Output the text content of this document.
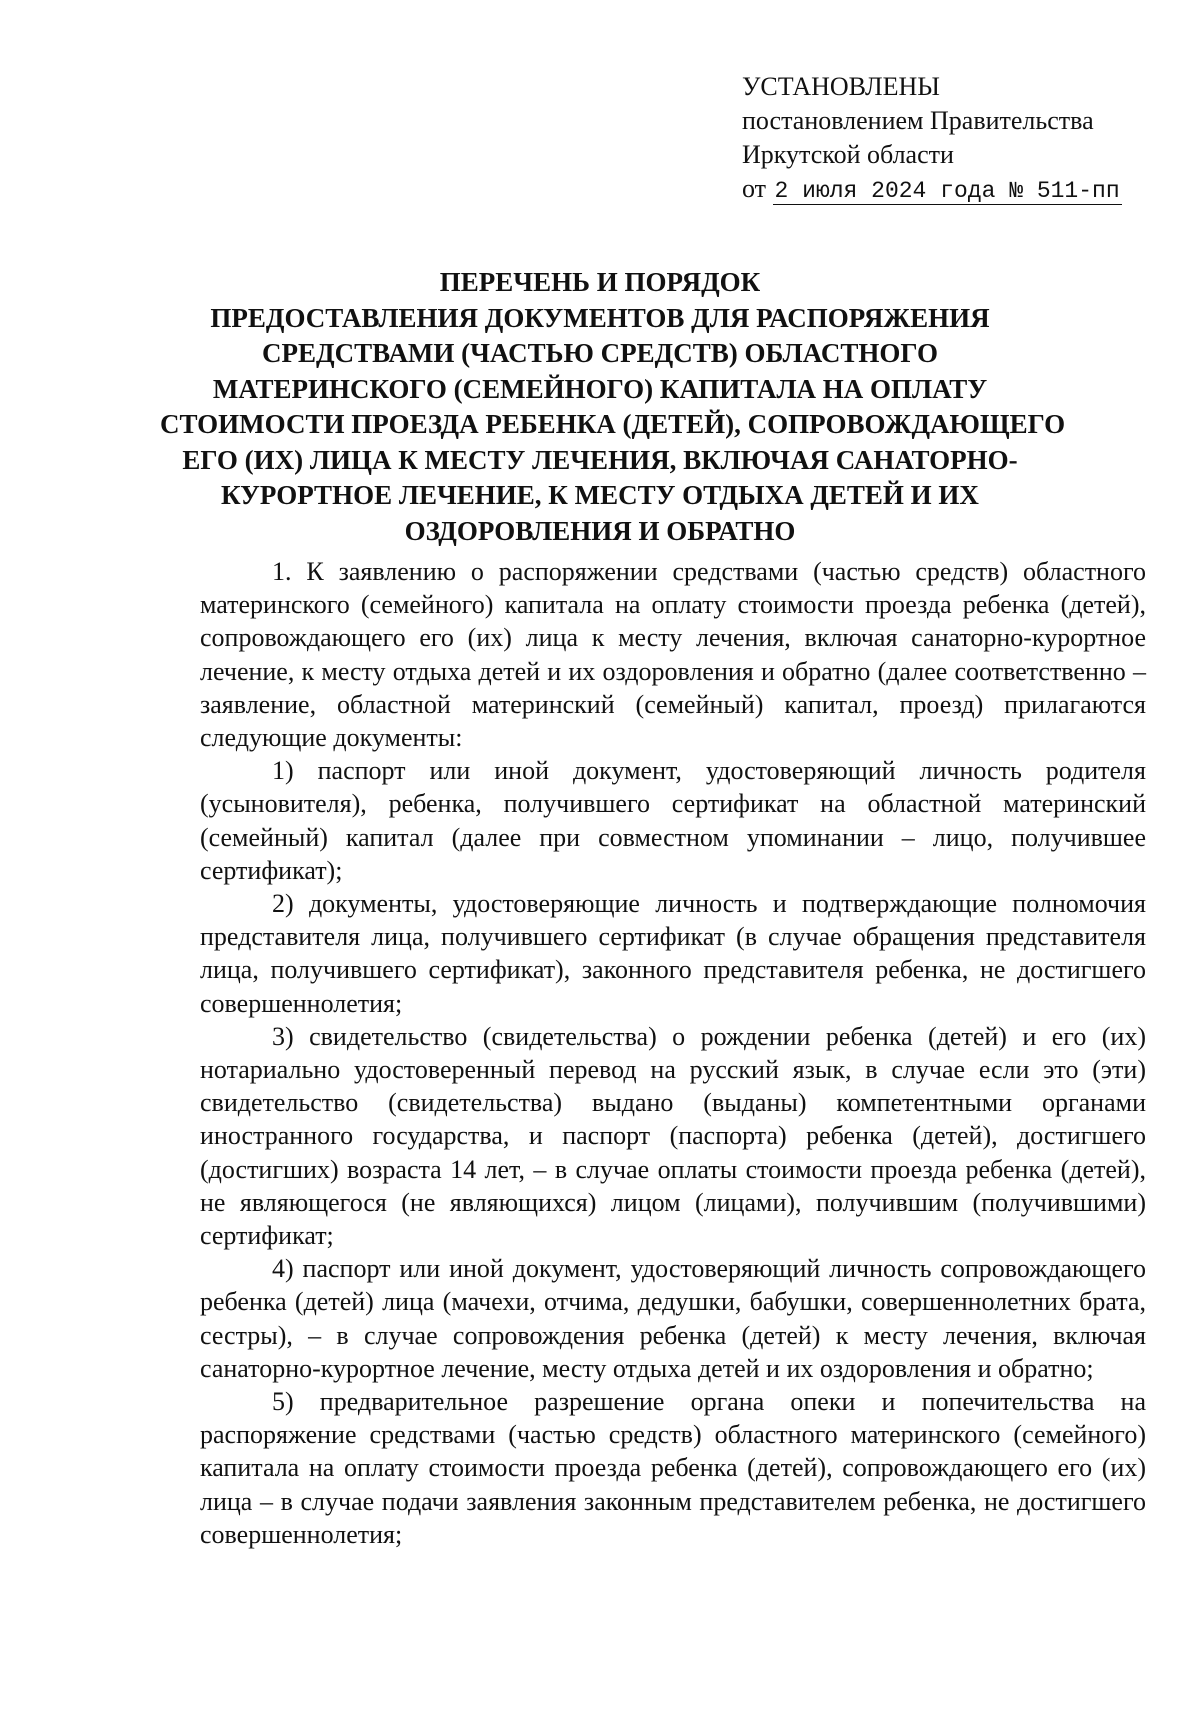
УСТАНОВЛЕНЫ
постановлением Правительства
Иркутской области
от 2 июля 2024 года № 511-пп
ПЕРЕЧЕНЬ И ПОРЯДОК
ПРЕДОСТАВЛЕНИЯ ДОКУМЕНТОВ ДЛЯ РАСПОРЯЖЕНИЯ
СРЕДСТВАМИ (ЧАСТЬЮ СРЕДСТВ) ОБЛАСТНОГО
МАТЕРИНСКОГО (СЕМЕЙНОГО) КАПИТАЛА НА ОПЛАТУ
СТОИМОСТИ ПРОЕЗДА РЕБЕНКА (ДЕТЕЙ), СОПРОВОЖДАЮЩЕГО
ЕГО (ИХ) ЛИЦА К МЕСТУ ЛЕЧЕНИЯ, ВКЛЮЧАЯ САНАТОРНО-
КУРОРТНОЕ ЛЕЧЕНИЕ, К МЕСТУ ОТДЫХА ДЕТЕЙ И ИХ
ОЗДОРОВЛЕНИЯ И ОБРАТНО

1. К заявлению о распоряжении средствами (частью средств) областного материнского (семейного) капитала на оплату стоимости проезда ребенка (детей), сопровождающего его (их) лица к месту лечения, включая санаторно-курортное лечение, к месту отдыха детей и их оздоровления и обратно (далее соответственно – заявление, областной материнский (семейный) капитал, проезд) прилагаются следующие документы:

1) паспорт или иной документ, удостоверяющий личность родителя (усыновителя), ребенка, получившего сертификат на областной материнский (семейный) капитал (далее при совместном упоминании – лицо, получившее сертификат);

2) документы, удостоверяющие личность и подтверждающие полномочия представителя лица, получившего сертификат (в случае обращения представителя лица, получившего сертификат), законного представителя ребенка, не достигшего совершеннолетия;

3) свидетельство (свидетельства) о рождении ребенка (детей) и его (их) нотариально удостоверенный перевод на русский язык, в случае если это (эти) свидетельство (свидетельства) выдано (выданы) компетентными органами иностранного государства, и паспорт (паспорта) ребенка (детей), достигшего (достигших) возраста 14 лет, – в случае оплаты стоимости проезда ребенка (детей), не являющегося (не являющихся) лицом (лицами), получившим (получившими) сертификат;

4) паспорт или иной документ, удостоверяющий личность сопровождающего ребенка (детей) лица (мачехи, отчима, дедушки, бабушки, совершеннолетних брата, сестры), – в случае сопровождения ребенка (детей) к месту лечения, включая санаторно-курортное лечение, месту отдыха детей и их оздоровления и обратно;

5) предварительное разрешение органа опеки и попечительства на распоряжение средствами (частью средств) областного материнского (семейного) капитала на оплату стоимости проезда ребенка (детей), сопровождающего его (их) лица – в случае подачи заявления законным представителем ребенка, не достигшего совершеннолетия;
